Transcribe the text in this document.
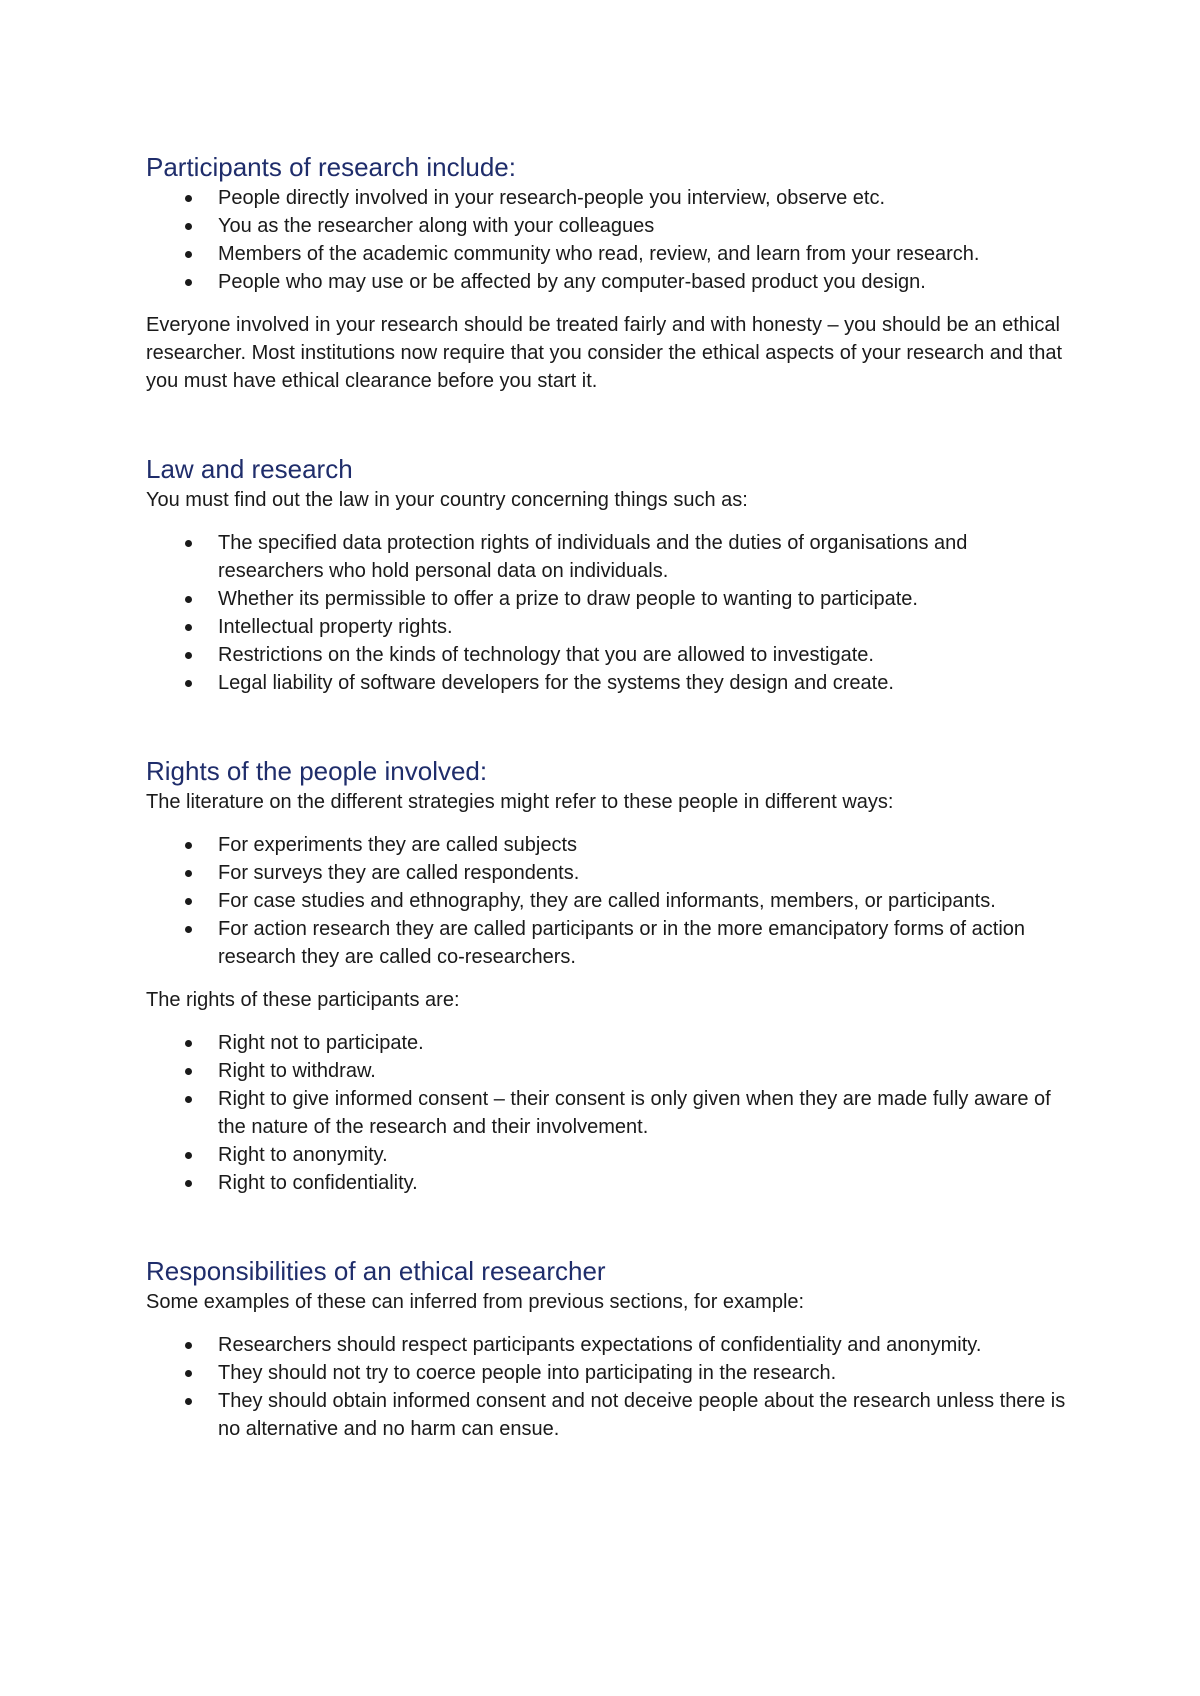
Participants of research include:
People directly involved in your research-people you interview, observe etc.
You as the researcher along with your colleagues
Members of the academic community who read, review, and learn from your research.
People who may use or be affected by any computer-based product you design.

Everyone involved in your research should be treated fairly and with honesty – you should be an ethical researcher. Most institutions now require that you consider the ethical aspects of your research and that you must have ethical clearance before you start it.

Law and research

You must find out the law in your country concerning things such as:

The specified data protection rights of individuals and the duties of organisations and researchers who hold personal data on individuals.
Whether its permissible to offer a prize to draw people to wanting to participate.
Intellectual property rights.
Restrictions on the kinds of technology that you are allowed to investigate.
Legal liability of software developers for the systems they design and create.
Rights of the people involved:

The literature on the different strategies might refer to these people in different ways:

For experiments they are called subjects
For surveys they are called respondents.
For case studies and ethnography, they are called informants, members, or participants.
For action research they are called participants or in the more emancipatory forms of action research they are called co-researchers.

The rights of these participants are:

Right not to participate.
Right to withdraw.
Right to give informed consent – their consent is only given when they are made fully aware of the nature of the research and their involvement.
Right to anonymity.
Right to confidentiality.
Responsibilities of an ethical researcher

Some examples of these can inferred from previous sections, for example:

Researchers should respect participants expectations of confidentiality and anonymity.
They should not try to coerce people into participating in the research.
They should obtain informed consent and not deceive people about the research unless there is no alternative and no harm can ensue.
